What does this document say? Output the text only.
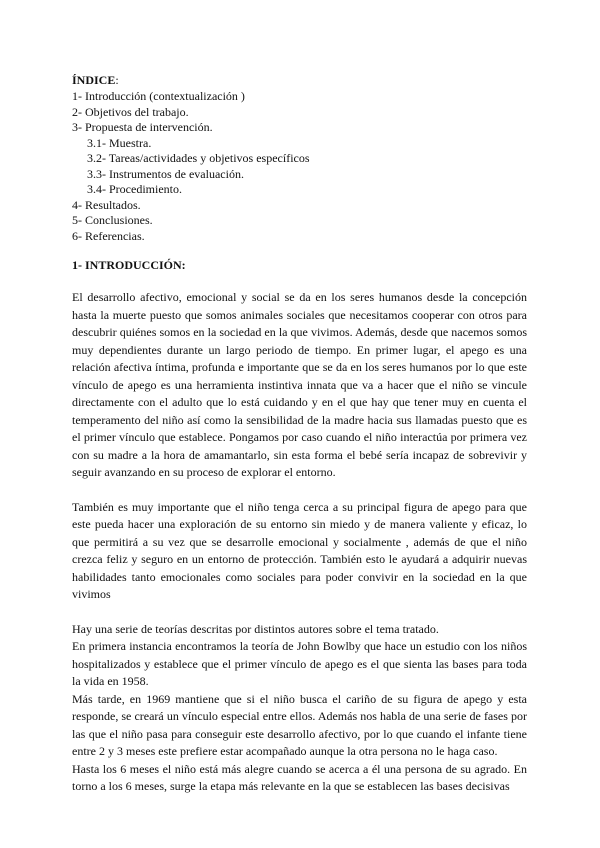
ÍNDICE:
1- Introducción (contextualización )
2- Objetivos del trabajo.
3- Propuesta de intervención.
3.1- Muestra.
3.2- Tareas/actividades y objetivos específicos
3.3- Instrumentos de evaluación.
3.4- Procedimiento.
4- Resultados.
5- Conclusiones.
6- Referencias.
1- INTRODUCCIÓN:

El desarrollo afectivo, emocional y social se da en los seres humanos desde la concepción hasta la muerte puesto que somos animales sociales que necesitamos cooperar con otros para descubrir quiénes somos en la sociedad en la que vivimos. Además, desde que nacemos somos muy dependientes durante un largo periodo de tiempo. En primer lugar, el apego es una relación afectiva íntima, profunda e importante que se da en los seres humanos por lo que este vínculo de apego es una herramienta instintiva innata que va a hacer que el niño se vincule directamente con el adulto que lo está cuidando y en el que hay que tener muy en cuenta el temperamento del niño así como la sensibilidad de la madre hacia sus llamadas puesto que es el primer vínculo que establece. Pongamos por caso cuando el niño interactúa por primera vez con su madre a la hora de amamantarlo, sin esta forma el bebé sería incapaz de sobrevivir y seguir avanzando en su proceso de explorar el entorno.

También es muy importante que el niño tenga cerca a su principal figura de apego para que este pueda hacer una exploración de su entorno sin miedo y de manera valiente y eficaz, lo que permitirá a su vez que se desarrolle emocional y socialmente , además de que el niño crezca feliz y seguro en un entorno de protección. También esto le ayudará a adquirir nuevas habilidades tanto emocionales como sociales para poder convivir en la sociedad en la que vivimos

Hay una serie de teorías descritas por distintos autores sobre el tema tratado.

En primera instancia encontramos la teoría de John Bowlby que hace un estudio con los niños hospitalizados y establece que el primer vínculo de apego es el que sienta las bases para toda la vida en 1958.

Más tarde, en 1969 mantiene que si el niño busca el cariño de su figura de apego y esta responde, se creará un vínculo especial entre ellos. Además nos habla de una serie de fases por las que el niño pasa para conseguir este desarrollo afectivo, por lo que cuando el infante tiene entre 2 y 3 meses este prefiere estar acompañado aunque la otra persona no le haga caso.

Hasta los 6 meses el niño está más alegre cuando se acerca a él una persona de su agrado. En torno a los 6 meses, surge la etapa más relevante en la que se establecen las bases decisivas
